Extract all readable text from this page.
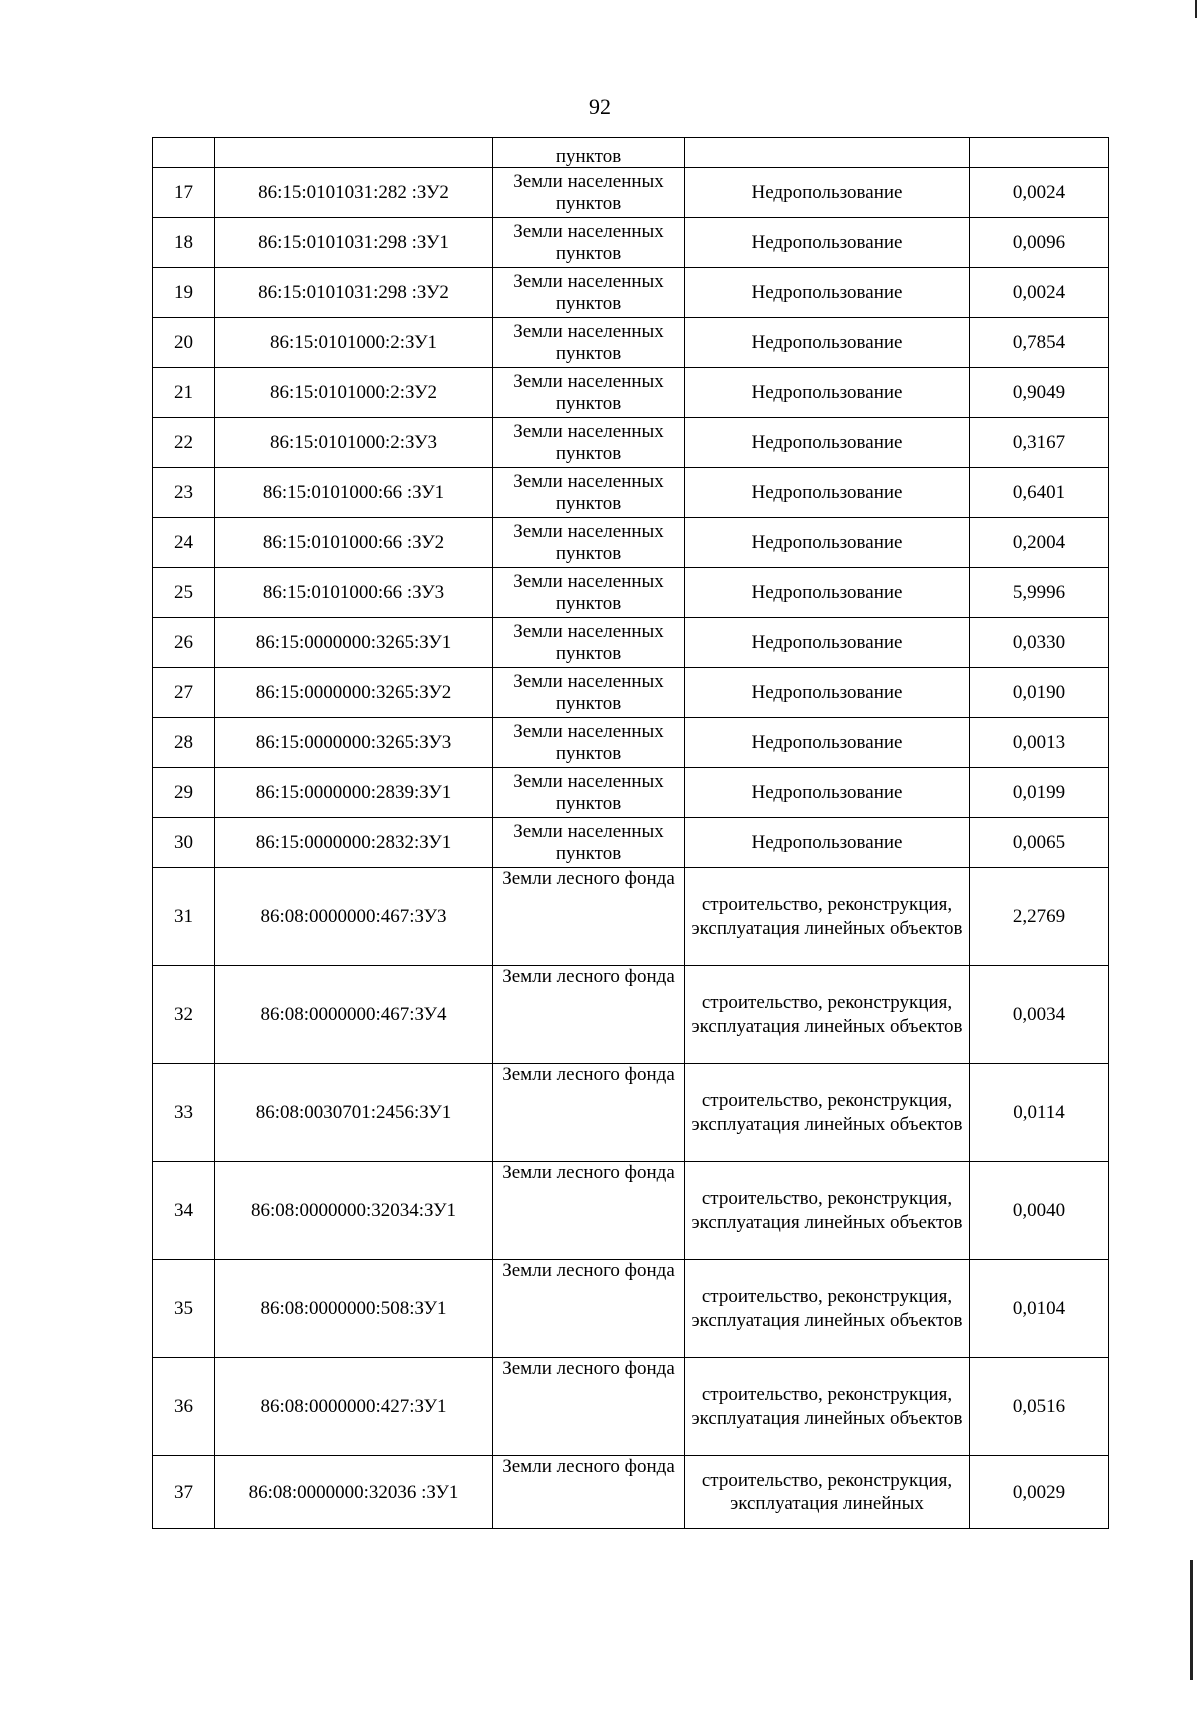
92
		пунктов		
17	86:15:0101031:282 :ЗУ2	Земли населенных пунктов	Недропользование	0,0024
18	86:15:0101031:298 :ЗУ1	Земли населенных пунктов	Недропользование	0,0096
19	86:15:0101031:298 :ЗУ2	Земли населенных пунктов	Недропользование	0,0024
20	86:15:0101000:2:ЗУ1	Земли населенных пунктов	Недропользование	0,7854
21	86:15:0101000:2:ЗУ2	Земли населенных пунктов	Недропользование	0,9049
22	86:15:0101000:2:ЗУ3	Земли населенных пунктов	Недропользование	0,3167
23	86:15:0101000:66 :ЗУ1	Земли населенных пунктов	Недропользование	0,6401
24	86:15:0101000:66 :ЗУ2	Земли населенных пунктов	Недропользование	0,2004
25	86:15:0101000:66 :ЗУ3	Земли населенных пунктов	Недропользование	5,9996
26	86:15:0000000:3265:ЗУ1	Земли населенных пунктов	Недропользование	0,0330
27	86:15:0000000:3265:ЗУ2	Земли населенных пунктов	Недропользование	0,0190
28	86:15:0000000:3265:ЗУ3	Земли населенных пунктов	Недропользование	0,0013
29	86:15:0000000:2839:ЗУ1	Земли населенных пунктов	Недропользование	0,0199
30	86:15:0000000:2832:ЗУ1	Земли населенных пунктов	Недропользование	0,0065
31	86:08:0000000:467:ЗУ3	Земли лесного фонда	строительство, реконструкция, эксплуатация линейных объектов	2,2769
32	86:08:0000000:467:ЗУ4	Земли лесного фонда	строительство, реконструкция, эксплуатация линейных объектов	0,0034
33	86:08:0030701:2456:ЗУ1	Земли лесного фонда	строительство, реконструкция, эксплуатация линейных объектов	0,0114
34	86:08:0000000:32034:ЗУ1	Земли лесного фонда	строительство, реконструкция, эксплуатация линейных объектов	0,0040
35	86:08:0000000:508:ЗУ1	Земли лесного фонда	строительство, реконструкция, эксплуатация линейных объектов	0,0104
36	86:08:0000000:427:ЗУ1	Земли лесного фонда	строительство, реконструкция, эксплуатация линейных объектов	0,0516
37	86:08:0000000:32036 :ЗУ1	Земли лесного фонда	строительство, реконструкция, эксплуатация линейных	0,0029
